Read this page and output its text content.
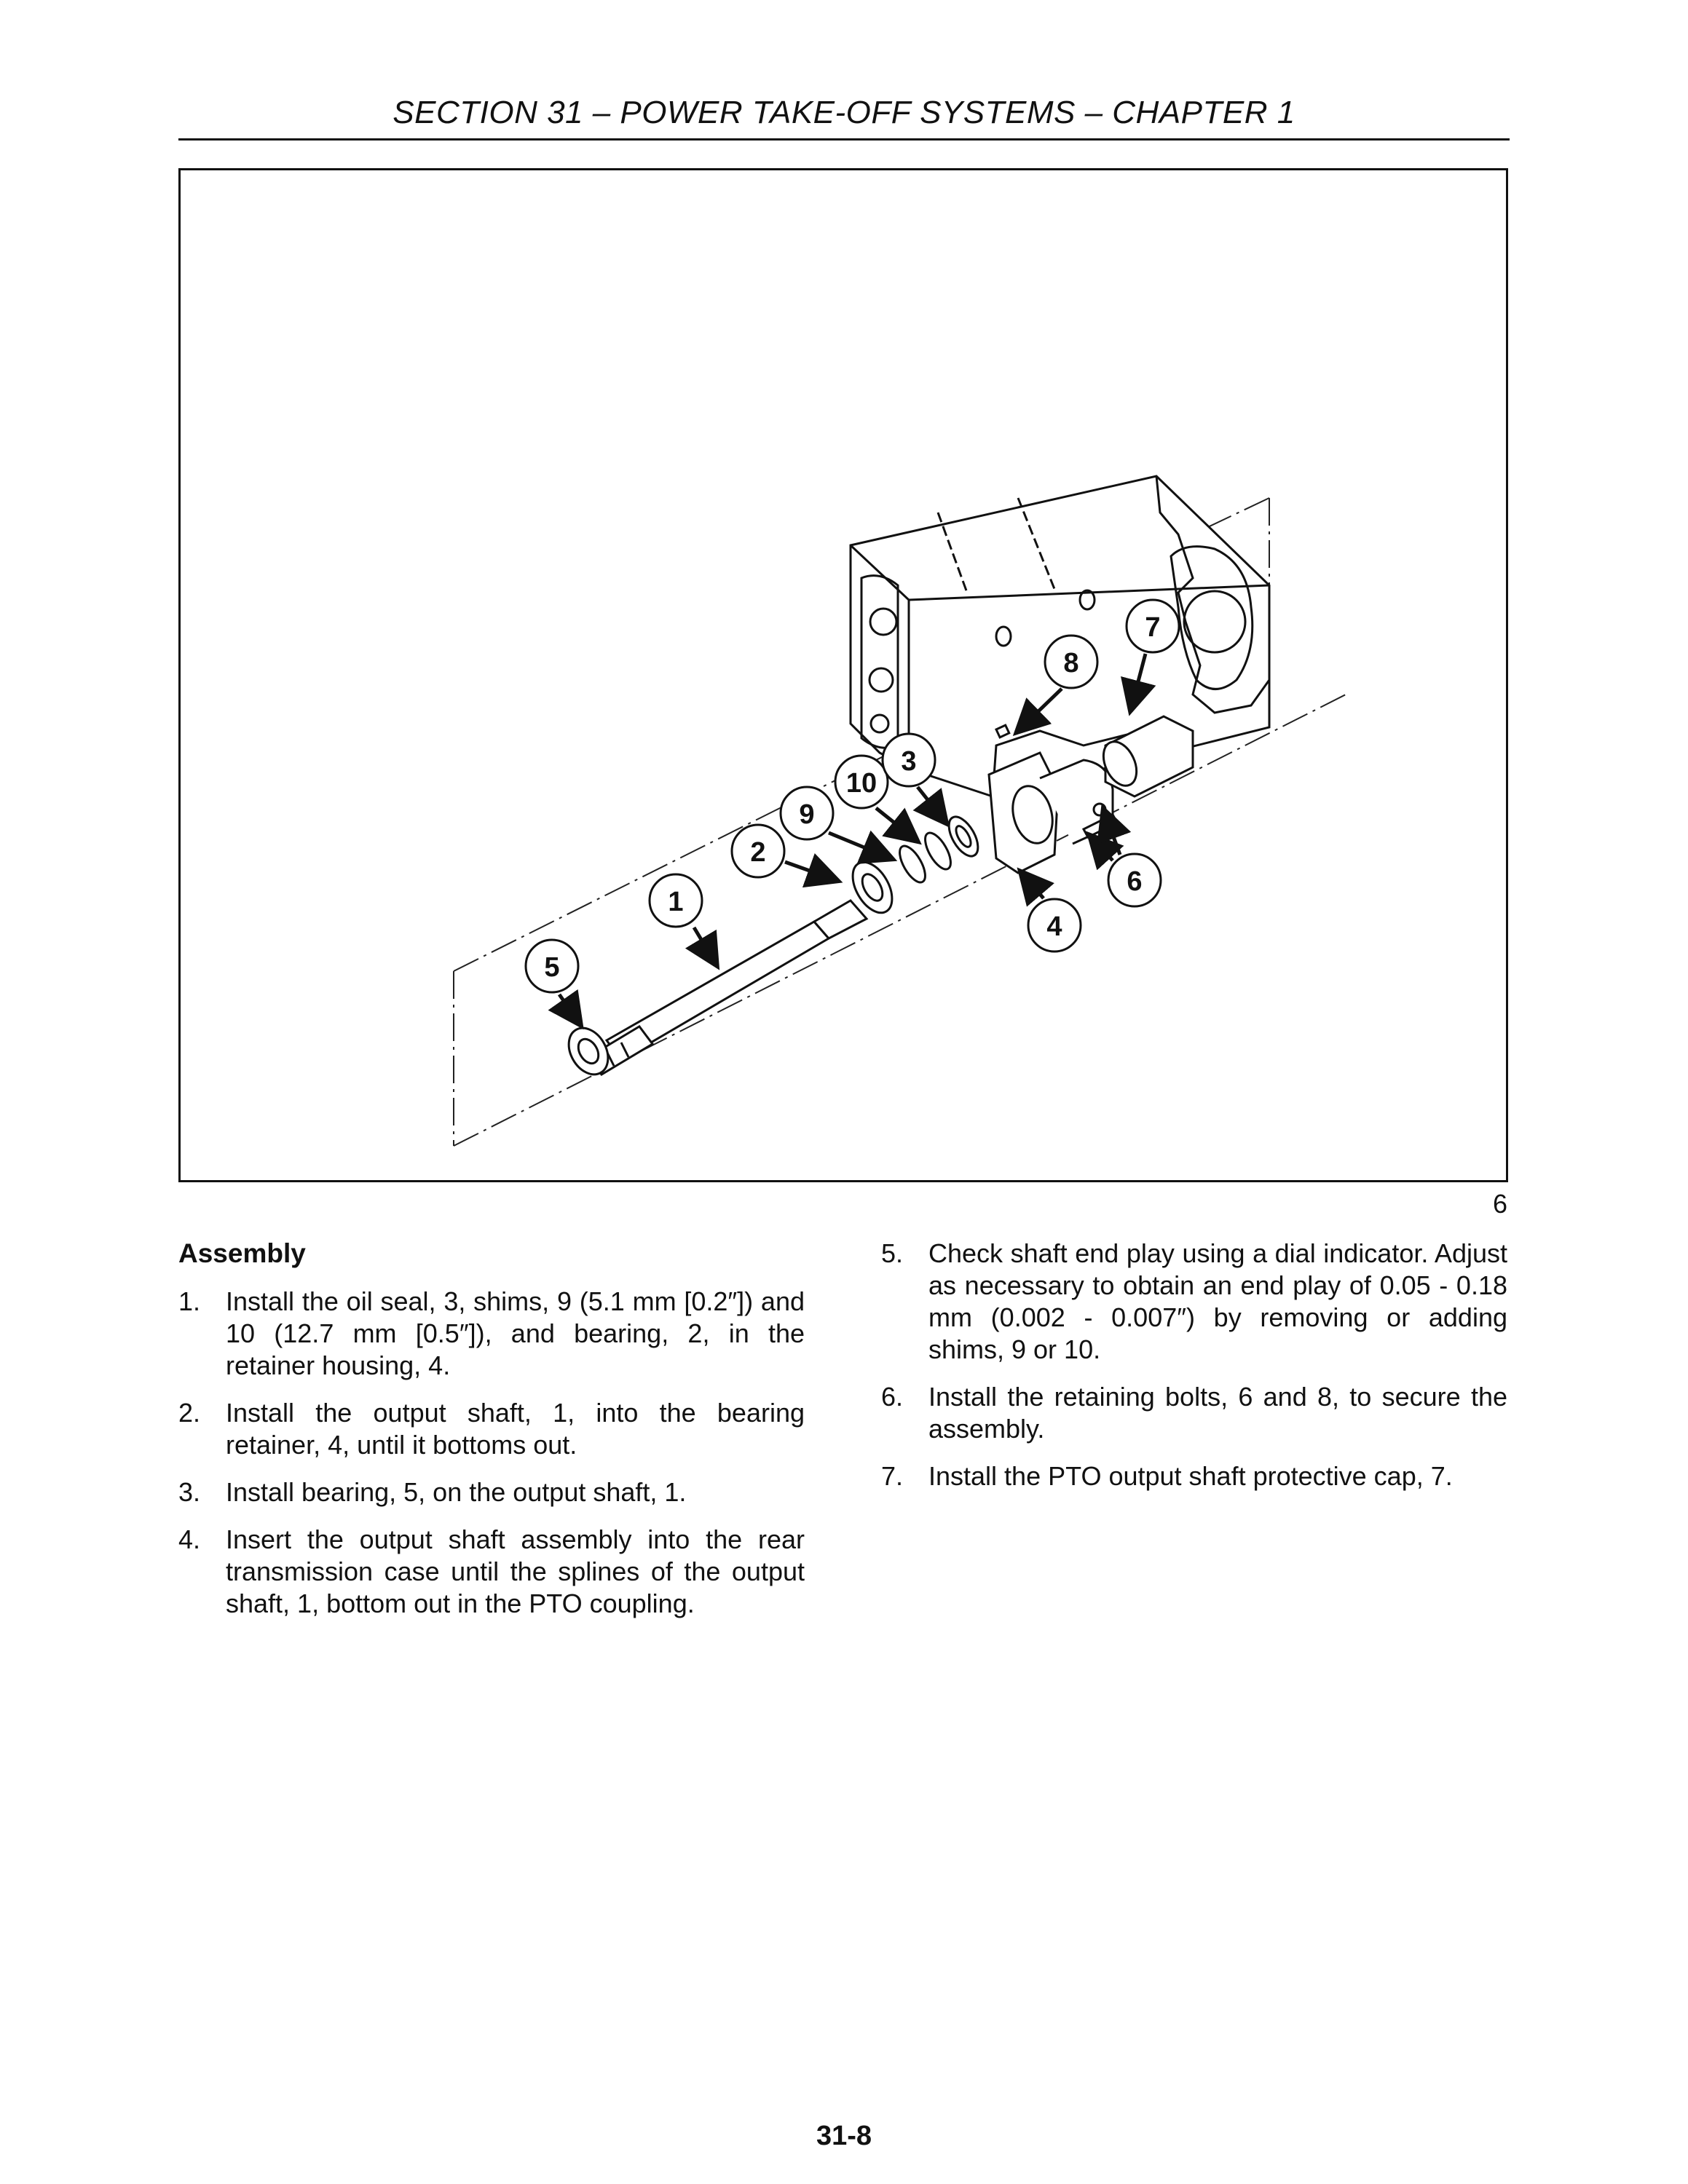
SECTION 31 – POWER TAKE-OFF SYSTEMS – CHAPTER 1
5
1
2
9
10
3
8
7
6
4
6
Assembly
1. Install the oil seal, 3, shims, 9 (5.1 mm [0.2″]) and 10 (12.7 mm [0.5″]), and bearing, 2, in the retainer housing, 4.
2. Install the output shaft, 1, into the bearing retainer, 4, until it bottoms out.
3. Install bearing, 5, on the output shaft, 1.
4. Insert the output shaft assembly into the rear transmission case until the splines of the output shaft, 1, bottom out in the PTO coupling.
5. Check shaft end play using a dial indicator. Adjust as necessary to obtain an end play of 0.05 - 0.18 mm (0.002 - 0.007″) by removing or adding shims, 9 or 10.
6. Install the retaining bolts, 6 and 8, to secure the assembly.
7. Install the PTO output shaft protective cap, 7.
31-8
